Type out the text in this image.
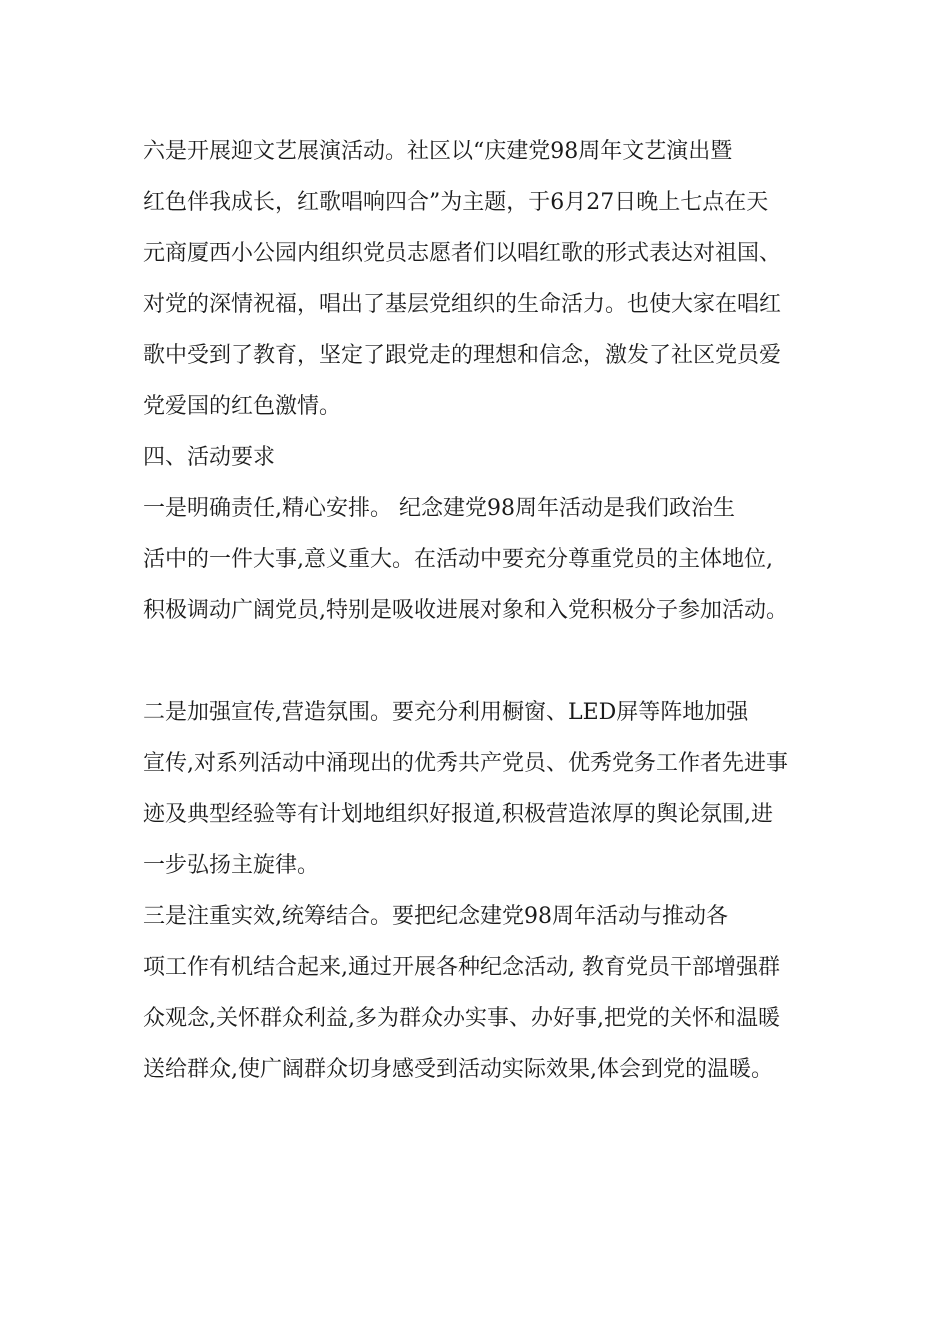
六是开展迎文艺展演活动。社区以“庆建党98周年文艺演出暨
红色伴我成长，红歌唱响四合”为主题，于6月27日晚上七点在天
元商厦西小公园内组织党员志愿者们以唱红歌的形式表达对祖国、
对党的深情祝福，唱出了基层党组织的生命活力。也使大家在唱红
歌中受到了教育，坚定了跟党走的理想和信念，激发了社区党员爱
党爱国的红色激情。
四、活动要求
一是明确责任,精心安排。 纪念建党98周年活动是我们政治生
活中的一件大事,意义重大。在活动中要充分尊重党员的主体地位,
积极调动广阔党员,特别是吸收进展对象和入党积极分子参加活动。
二是加强宣传,营造氛围。要充分利用橱窗、LED屏等阵地加强
宣传,对系列活动中涌现出的优秀共产党员、优秀党务工作者先进事
迹及典型经验等有计划地组织好报道,积极营造浓厚的舆论氛围,进
一步弘扬主旋律。
三是注重实效,统筹结合。要把纪念建党98周年活动与推动各
项工作有机结合起来,通过开展各种纪念活动, 教育党员干部增强群
众观念,关怀群众利益,多为群众办实事、办好事,把党的关怀和温暖
送给群众,使广阔群众切身感受到活动实际效果,体会到党的温暖。
